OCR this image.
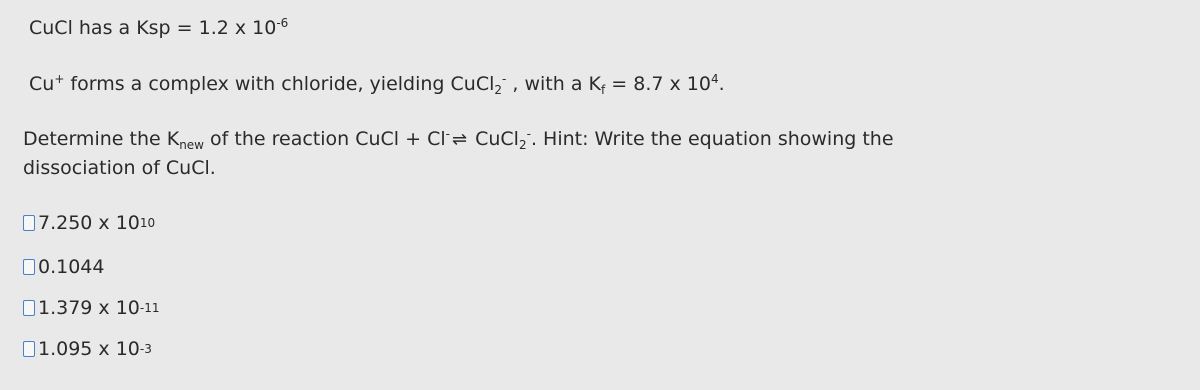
CuCl has a Ksp = 1.2 x $10^{-6}$
Cu+ forms a complex with chloride, yielding CuCl$_2$- , with a $K_f = 8.7$ x $10^4$.
Determine the $K_{new}$ of the reaction CuCl + Cl- ⇌ CuCl$_2$-. Hint: Write the equation showing the
dissociation of CuCl.
7.250 x 10 10
0.1044
1.379 x 10 -11
1.095 x 10 -3
